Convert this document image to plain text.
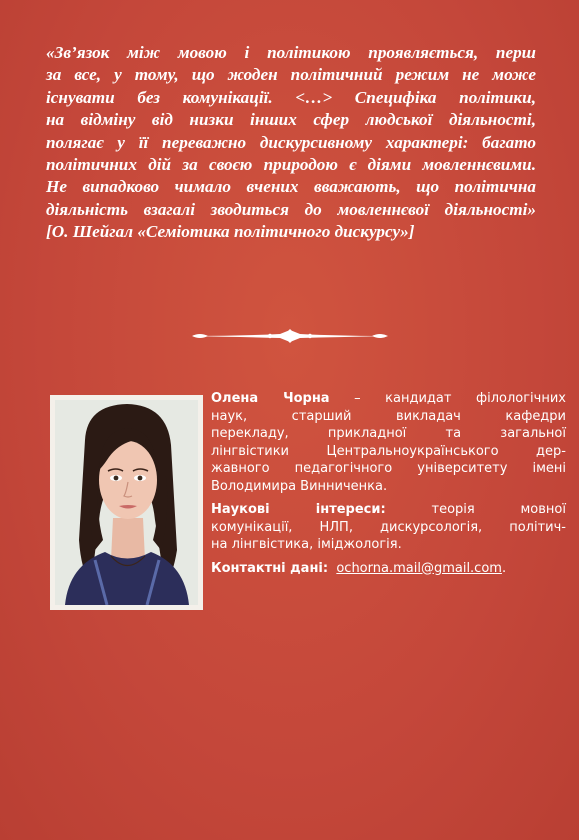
«Зв’язок між мовою і політикою проявляється, перш
за все, у тому, що жоден політичний режим не може
існувати без комунікації. <…> Специфіка політики,
на відміну від низки інших сфер людської діяльності,
полягає у її переважно дискурсивному характері: багато
політичних дій за своєю природою є діями мовленнєвими.
Не випадково чимало вчених вважають, що політична
діяльність взагалі зводиться до мовленнєвої діяльності»
[О. Шейгал «Семіотика політичного дискурсу»]

Олена Чорна – кандидат філологічних
наук, старший викладач кафедри
перекладу, прикладної та загальної
лінгвістики Центральноукраїнського дер-
жавного педагогічного університету імені
Володимира Винниченка.

Наукові інтереси: теорія мовної
комунікації, НЛП, дискурсологія, політич-
на лінгвістика, іміджологія.

Контактні дані: ochorna.mail@gmail.com.
